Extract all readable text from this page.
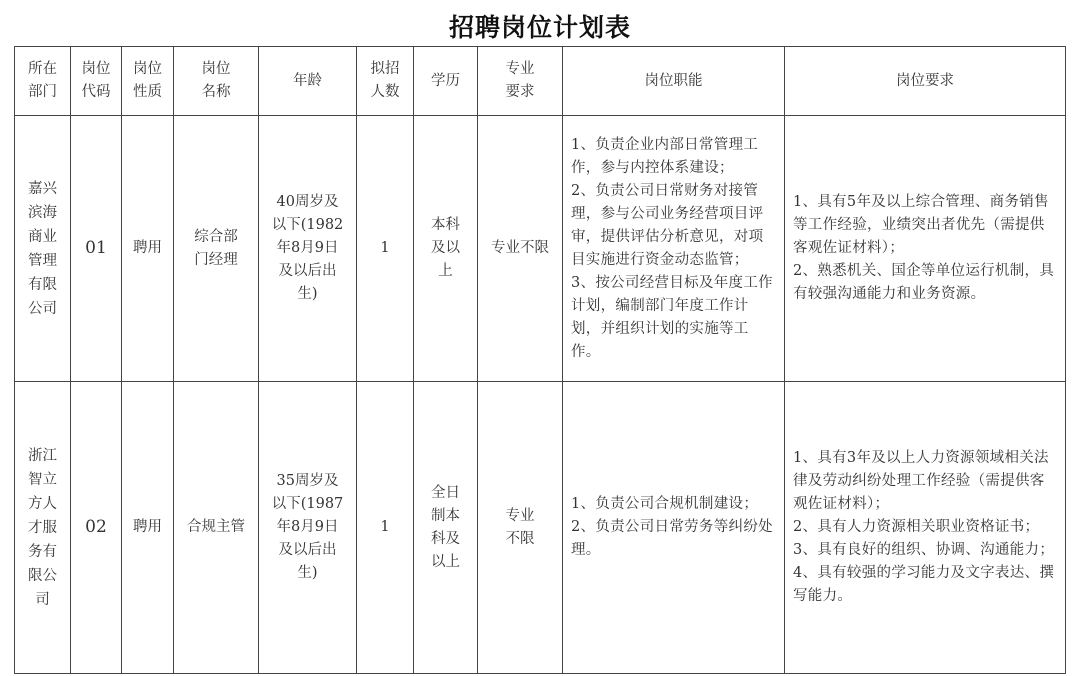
招聘岗位计划表
所在部门	岗位代码	岗位性质	岗位名称	年龄	拟招人数	学历	专业要求	岗位职能	岗位要求

嘉兴滨海商业管理有限公司	01	聘用	综合部门经理	40周岁及以下(1982年8月9日及以后出生)	1	本科及以上	专业不限	1、负责企业内部日常管理工作，参与内控体系建设；
2、负责公司日常财务对接管理，参与公司业务经营项目评审，提供评估分析意见，对项目实施进行资金动态监管；
3、按公司经营目标及年度工作计划，编制部门年度工作计划，并组织计划的实施等工作。	1、具有5年及以上综合管理、商务销售等工作经验，业绩突出者优先（需提供客观佐证材料）；
2、熟悉机关、国企等单位运行机制，具有较强沟通能力和业务资源。

浙江智立方人才服务有限公司	02	聘用	合规主管	35周岁及以下(1987年8月9日及以后出生)	1	全日制本科及以上	专业不限	1、负责公司合规机制建设；
2、负责公司日常劳务等纠纷处理。	1、具有3年及以上人力资源领域相关法律及劳动纠纷处理工作经验（需提供客观佐证材料）；
2、具有人力资源相关职业资格证书；
3、具有良好的组织、协调、沟通能力；
4、具有较强的学习能力及文字表达、撰写能力。
